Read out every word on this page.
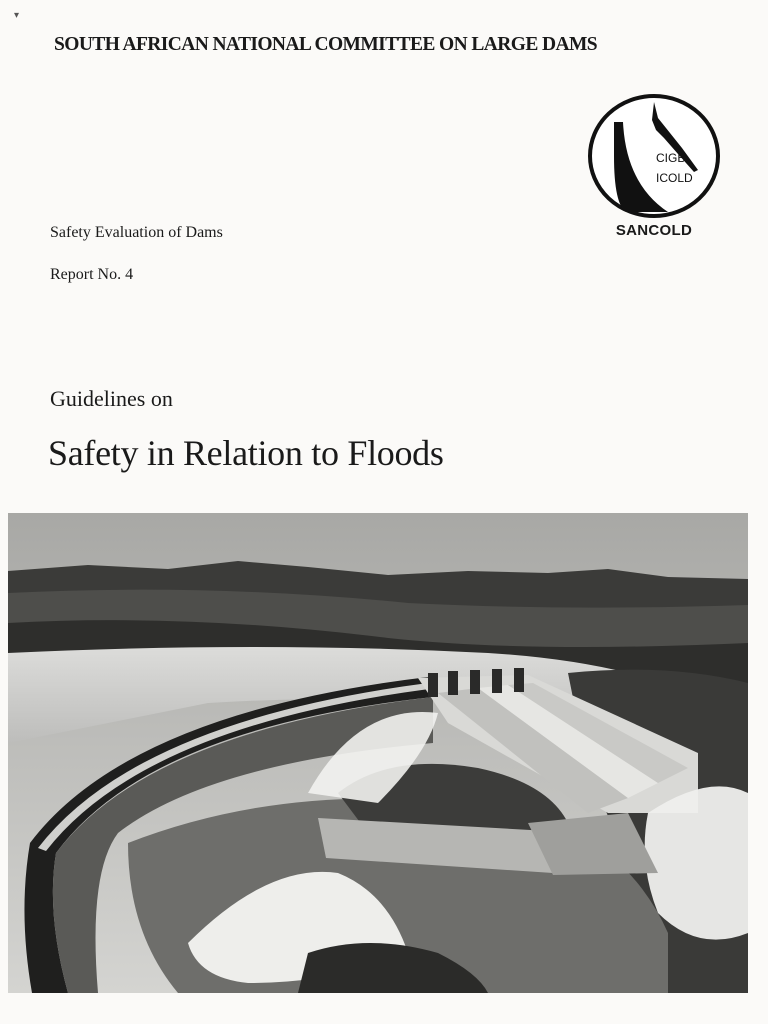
▾
SOUTH AFRICAN NATIONAL COMMITTEE ON LARGE DAMS
CIGB
ICOLD
SANCOLD
Safety Evaluation of Dams
Report No. 4
Guidelines on
Safety in Relation to Floods
